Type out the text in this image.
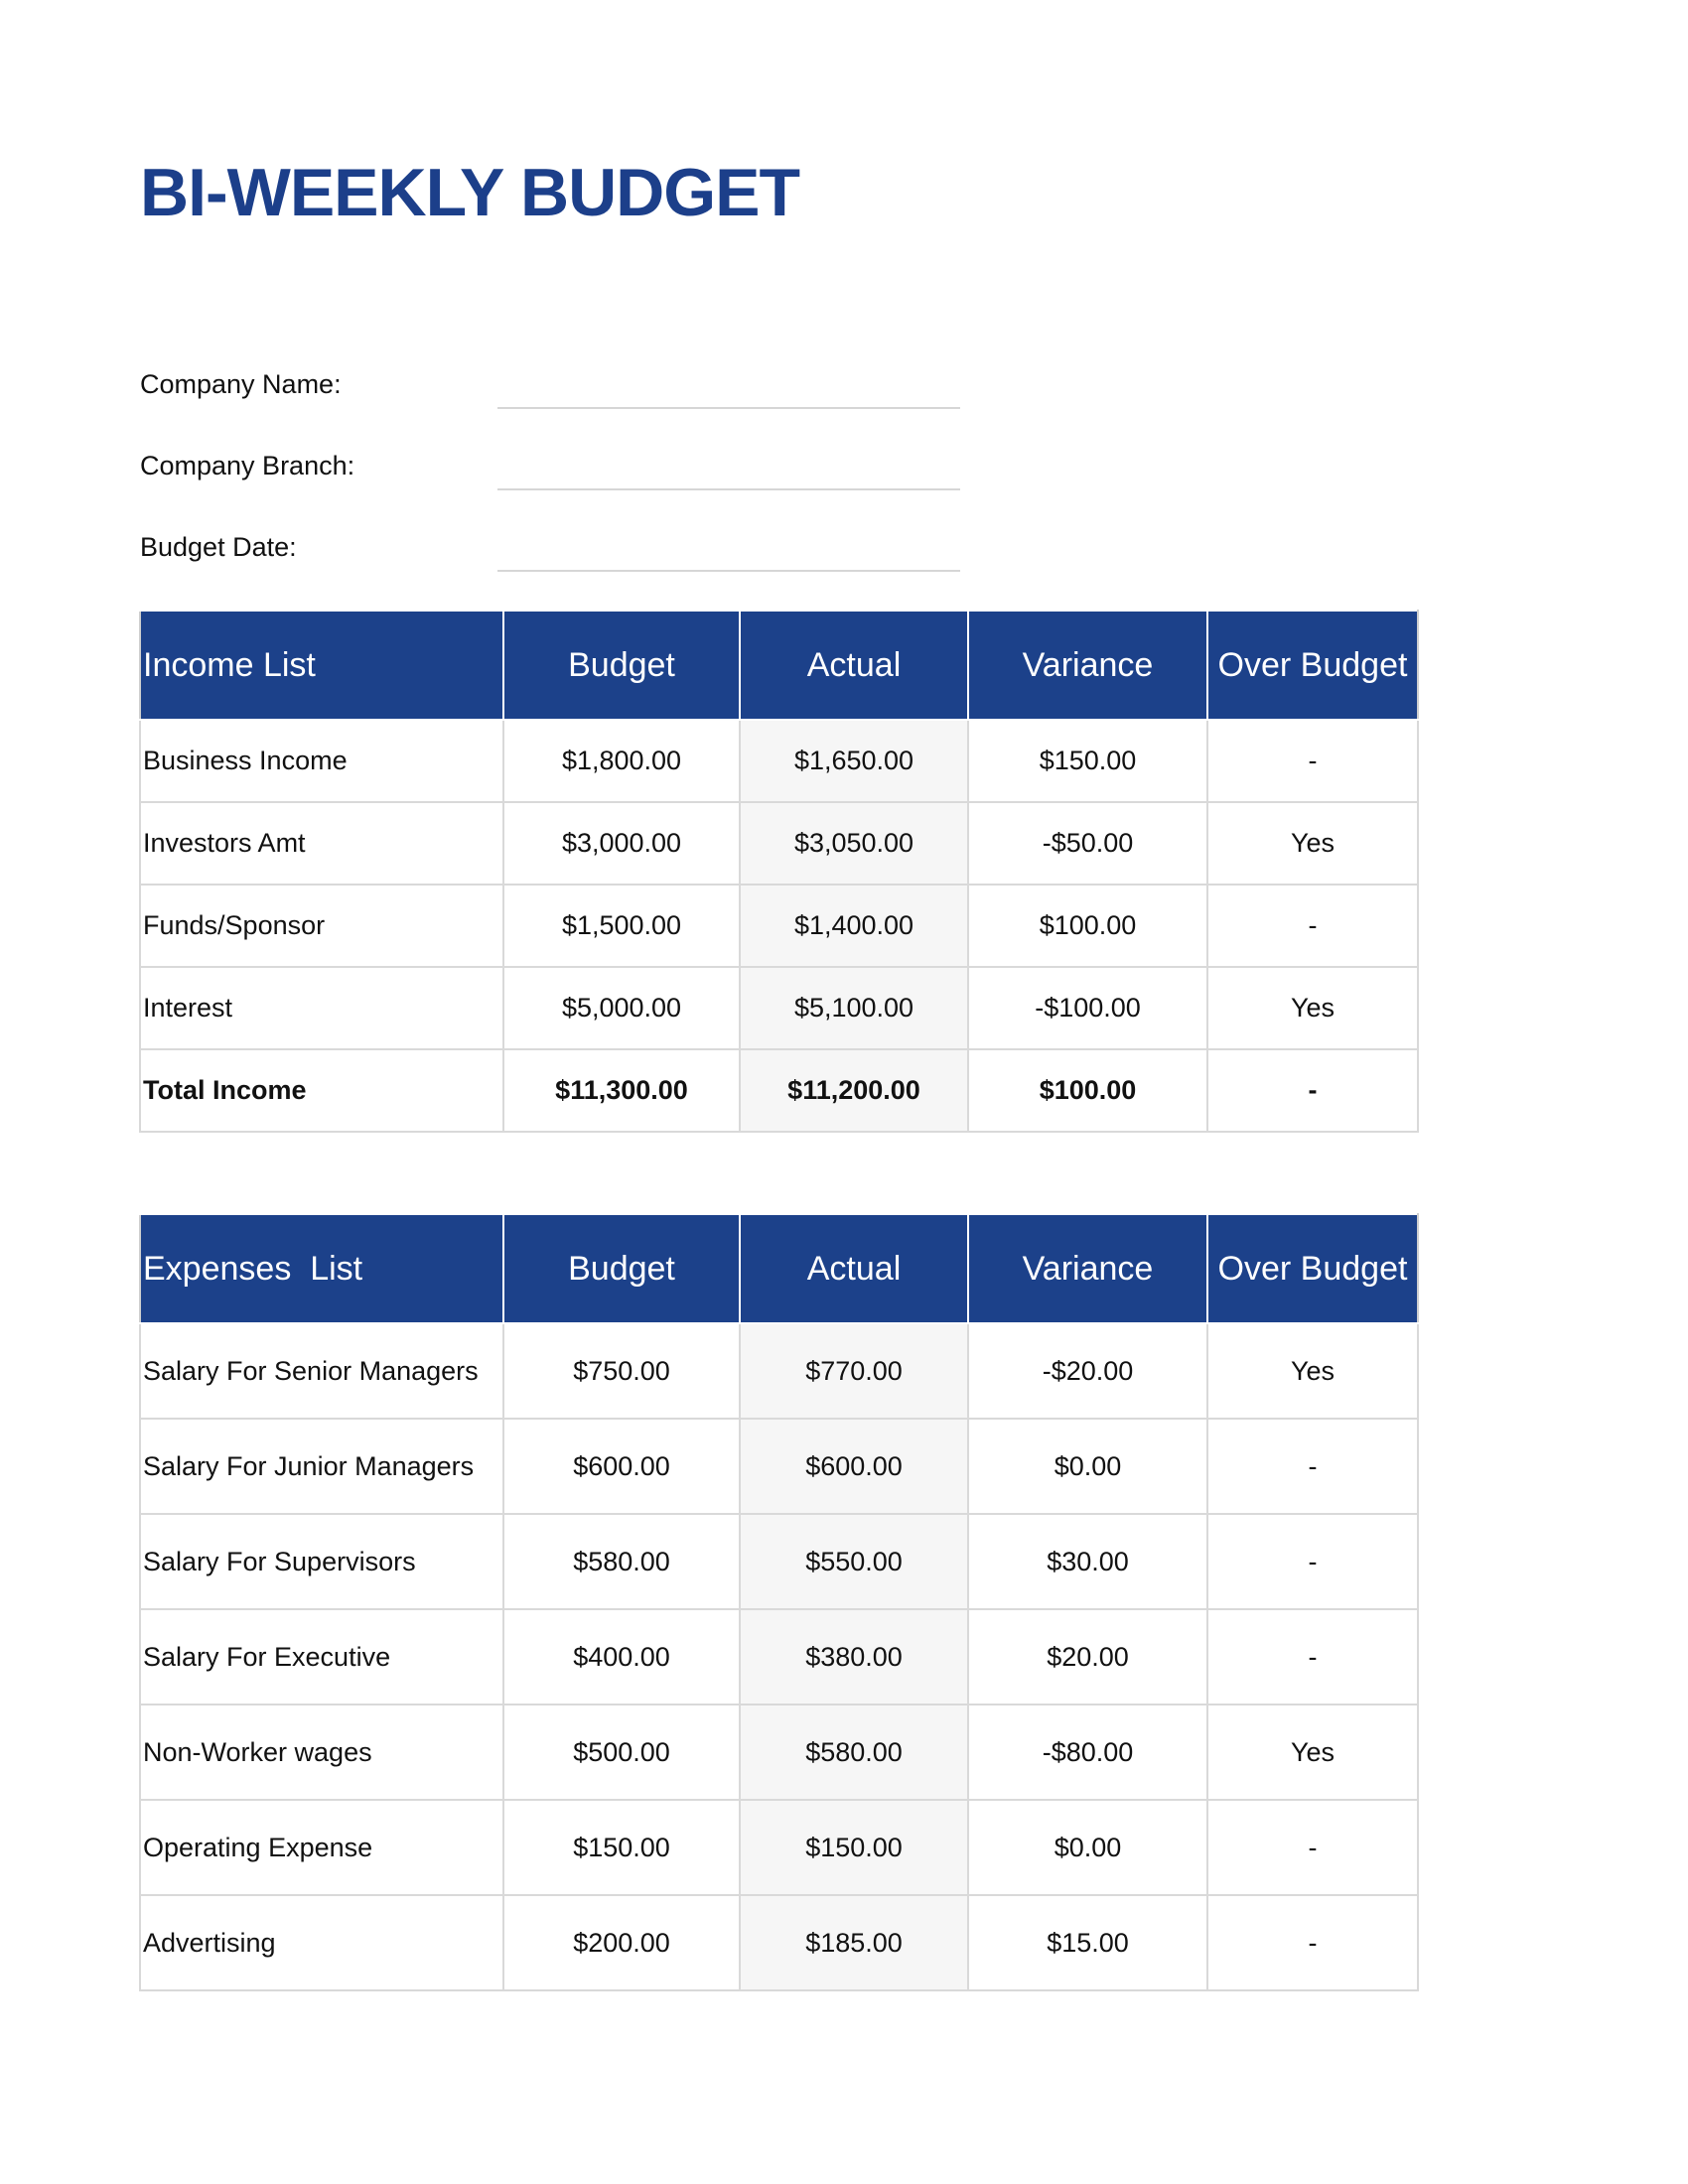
BI-WEEKLY BUDGET
Company Name:
Company Branch:
Budget Date:
Income List	Budget	Actual	Variance	Over Budget
Business Income	$1,800.00	$1,650.00	$150.00	-
Investors Amt	$3,000.00	$3,050.00	-$50.00	Yes
Funds/Sponsor	$1,500.00	$1,400.00	$100.00	-
Interest	$5,000.00	$5,100.00	-$100.00	Yes
Total Income	$11,300.00	$11,200.00	$100.00	-
Expenses  List	Budget	Actual	Variance	Over Budget
Salary For Senior Managers	$750.00	$770.00	-$20.00	Yes
Salary For Junior Managers	$600.00	$600.00	$0.00	-
Salary For Supervisors	$580.00	$550.00	$30.00	-
Salary For Executive	$400.00	$380.00	$20.00	-
Non-Worker wages	$500.00	$580.00	-$80.00	Yes
Operating Expense	$150.00	$150.00	$0.00	-
Advertising	$200.00	$185.00	$15.00	-
